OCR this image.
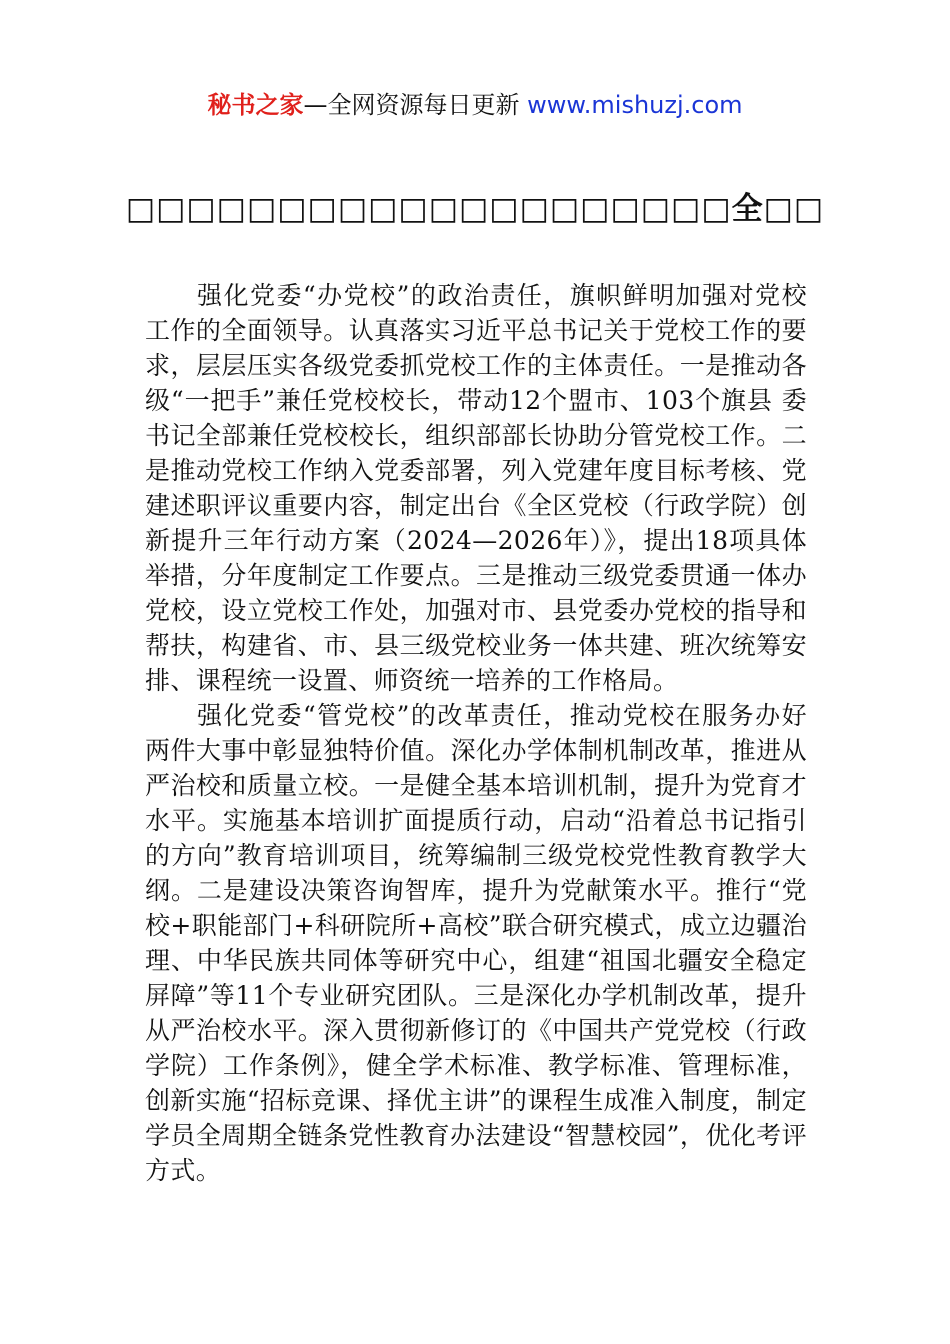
秘书之家—全网资源每日更新 www.mishuzj.com
□□□□□□□□□□□□□□□□□□□□全□□

强化党委“办党校”的政治责任，旗帜鲜明加强对党校工作的全面领导。认真落实习近平总书记关于党校工作的要求，层层压实各级党委抓党校工作的主体责任。一是推动各级“一把手”兼任党校校长，带动12个盟市、103个旗县 委书记全部兼任党校校长，组织部部长协助分管党校工作。二是推动党校工作纳入党委部署，列入党建年度目标考核、党建述职评议重要内容，制定出台《全区党校（行政学院）创新提升三年行动方案（2024—2026年）》，提出18项具体举措，分年度制定工作要点。三是推动三级党委贯通一体办党校，设立党校工作处，加强对市、县党委办党校的指导和帮扶，构建省、市、县三级党校业务一体共建、班次统筹安排、课程统一设置、师资统一培养的工作格局。

强化党委“管党校”的改革责任，推动党校在服务办好两件大事中彰显独特价值。深化办学体制机制改革，推进从严治校和质量立校。一是健全基本培训机制，提升为党育才水平。实施基本培训扩面提质行动，启动“沿着总书记指引的方向”教育培训项目，统筹编制三级党校党性教育教学大纲。二是建设决策咨询智库，提升为党献策水平。推行“党校+职能部门+科研院所+高校”联合研究模式，成立边疆治理、中华民族共同体等研究中心，组建“祖国北疆安全稳定屏障”等11个专业研究团队。三是深化办学机制改革，提升从严治校水平。深入贯彻新修订的《中国共产党党校（行政学院）工作条例》，健全学术标准、教学标准、管理标准，创新实施“招标竞课、择优主讲”的课程生成准入制度，制定学员全周期全链条党性教育办法建设“智慧校园”，优化考评方式。
